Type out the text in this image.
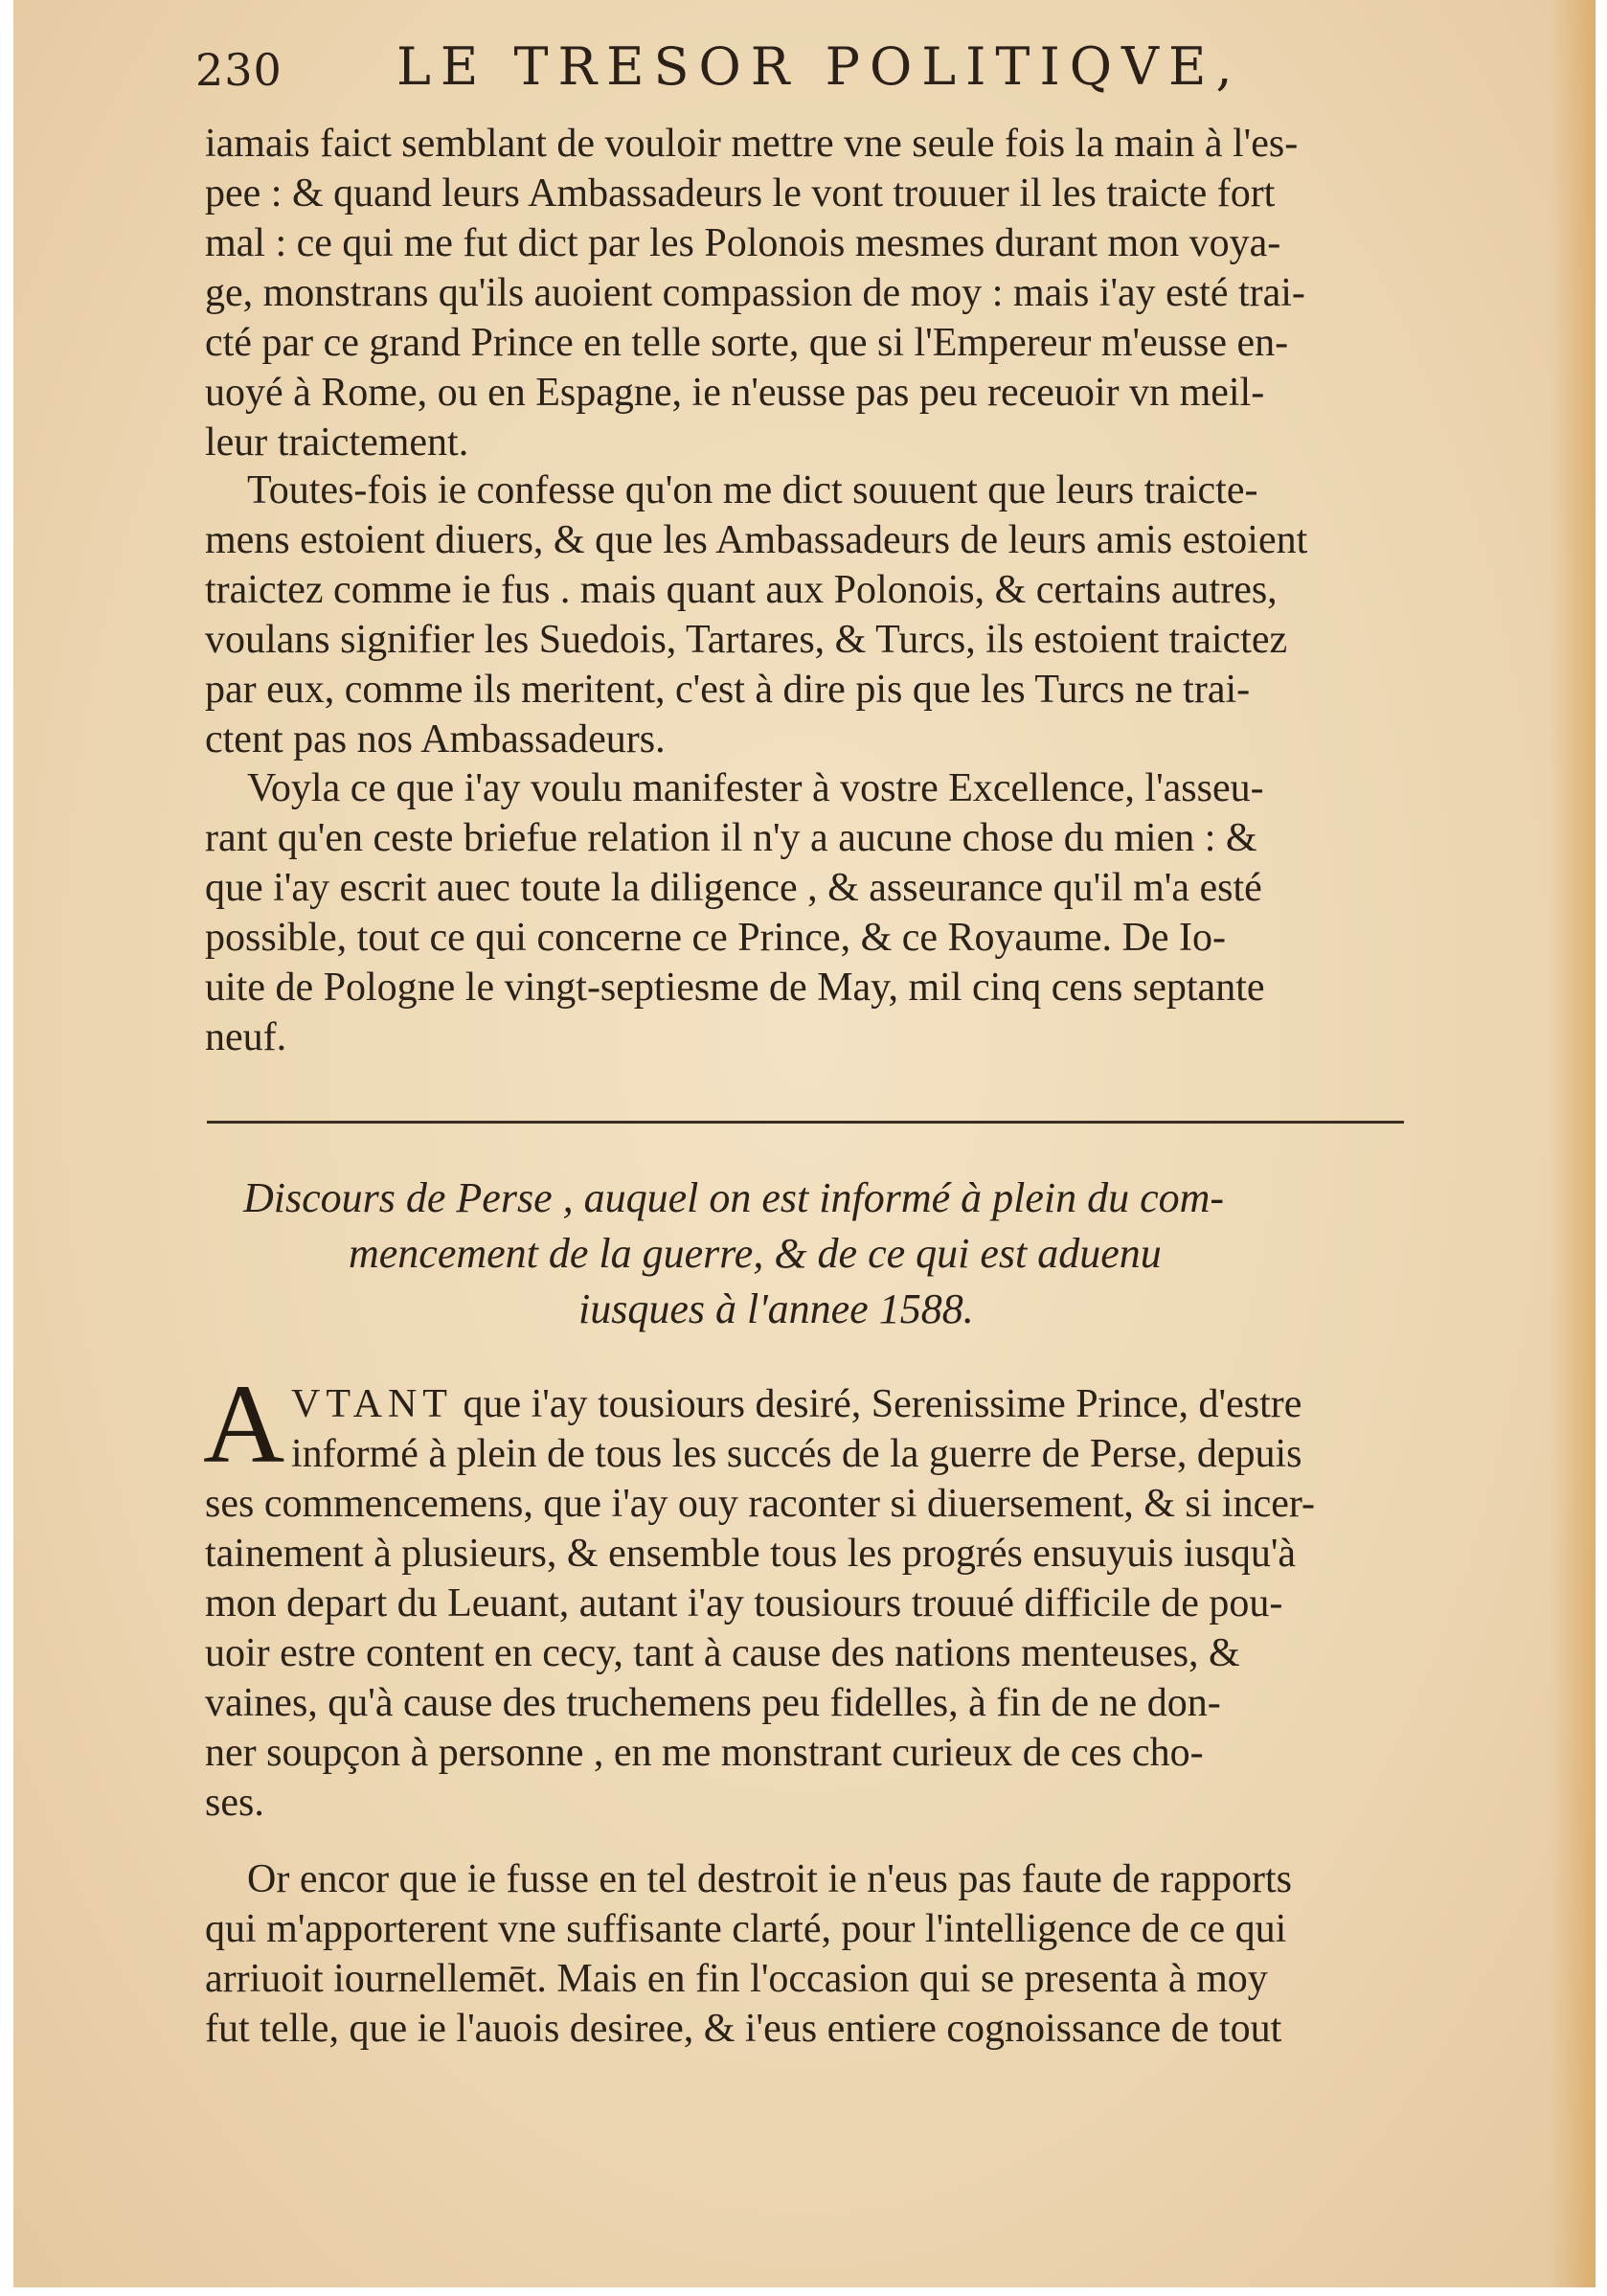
230 LE TRESOR POLITIQVE,
iamais faict semblant de vouloir mettre vne seule fois la main à l'es-
pee : & quand leurs Ambassadeurs le vont trouuer il les traicte fort
mal : ce qui me fut dict par les Polonois mesmes durant mon voya-
ge, monstrans qu'ils auoient compassion de moy : mais i'ay esté trai-
cté par ce grand Prince en telle sorte, que si l'Empereur m'eusse en-
uoyé à Rome, ou en Espagne, ie n'eusse pas peu receuoir vn meil-
leur traictement.
Toutes-fois ie confesse qu'on me dict souuent que leurs traicte-
mens estoient diuers, & que les Ambassadeurs de leurs amis estoient
traictez comme ie fus . mais quant aux Polonois, & certains autres,
voulans signifier les Suedois, Tartares, & Turcs, ils estoient traictez
par eux, comme ils meritent, c'est à dire pis que les Turcs ne trai-
ctent pas nos Ambassadeurs.
Voyla ce que i'ay voulu manifester à vostre Excellence, l'asseu-
rant qu'en ceste briefue relation il n'y a aucune chose du mien : &
que i'ay escrit auec toute la diligence , & asseurance qu'il m'a esté
possible, tout ce qui concerne ce Prince, & ce Royaume. De Io-
uite de Pologne le vingt-septiesme de May, mil cinq cens septante
neuf.
Discours de Perse , auquel on est informé à plein du com-
mencement de la guerre, & de ce qui est aduenu
iusques à l'annee 1588.
A VTANT que i'ay tousiours desiré, Serenissime Prince, d'estre
informé à plein de tous les succés de la guerre de Perse, depuis
ses commencemens, que i'ay ouy raconter si diuersement, & si incer-
tainement à plusieurs, & ensemble tous les progrés ensuyuis iusqu'à
mon depart du Leuant, autant i'ay tousiours trouué difficile de pou-
uoir estre content en cecy, tant à cause des nations menteuses, &
vaines, qu'à cause des truchemens peu fidelles, à fin de ne don-
ner soupçon à personne , en me monstrant curieux de ces cho-
ses.
Or encor que ie fusse en tel destroit ie n'eus pas faute de rapports
qui m'apporterent vne suffisante clarté, pour l'intelligence de ce qui
arriuoit iournellemēt. Mais en fin l'occasion qui se presenta à moy
fut telle, que ie l'auois desiree, & i'eus entiere cognoissance de tout
